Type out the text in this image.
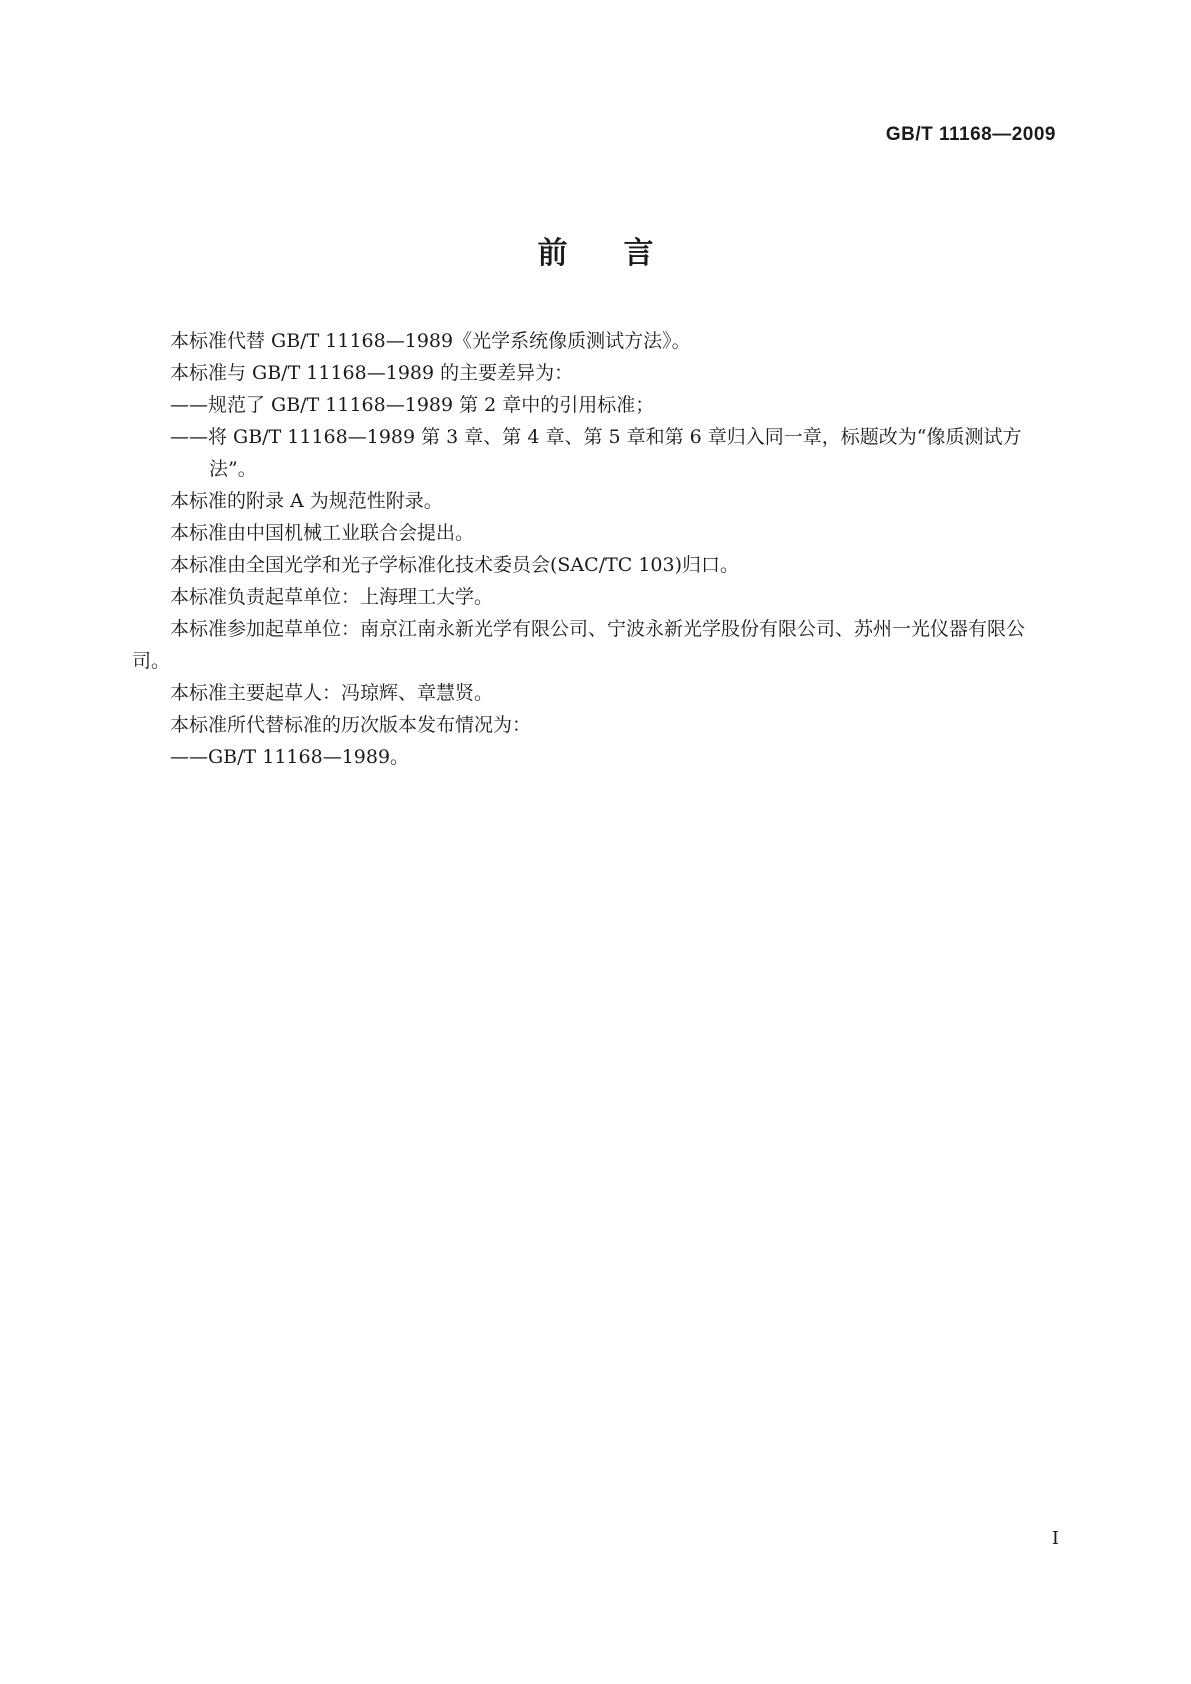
GB/T 11168—2009
前言

本标准代替 GB/T 11168—1989《光学系统像质测试方法》。

本标准与 GB/T 11168—1989 的主要差异为：

——规范了 GB/T 11168—1989 第 2 章中的引用标准；

——将 GB/T 11168—1989 第 3 章、第 4 章、第 5 章和第 6 章归入同一章，标题改为“像质测试方法”。

本标准的附录 A 为规范性附录。

本标准由中国机械工业联合会提出。

本标准由全国光学和光子学标准化技术委员会(SAC/TC 103)归口。

本标准负责起草单位：上海理工大学。

本标准参加起草单位：南京江南永新光学有限公司、宁波永新光学股份有限公司、苏州一光仪器有限公司。

本标准主要起草人：冯琼辉、章慧贤。

本标准所代替标准的历次版本发布情况为：

——GB/T 11168—1989。

I
